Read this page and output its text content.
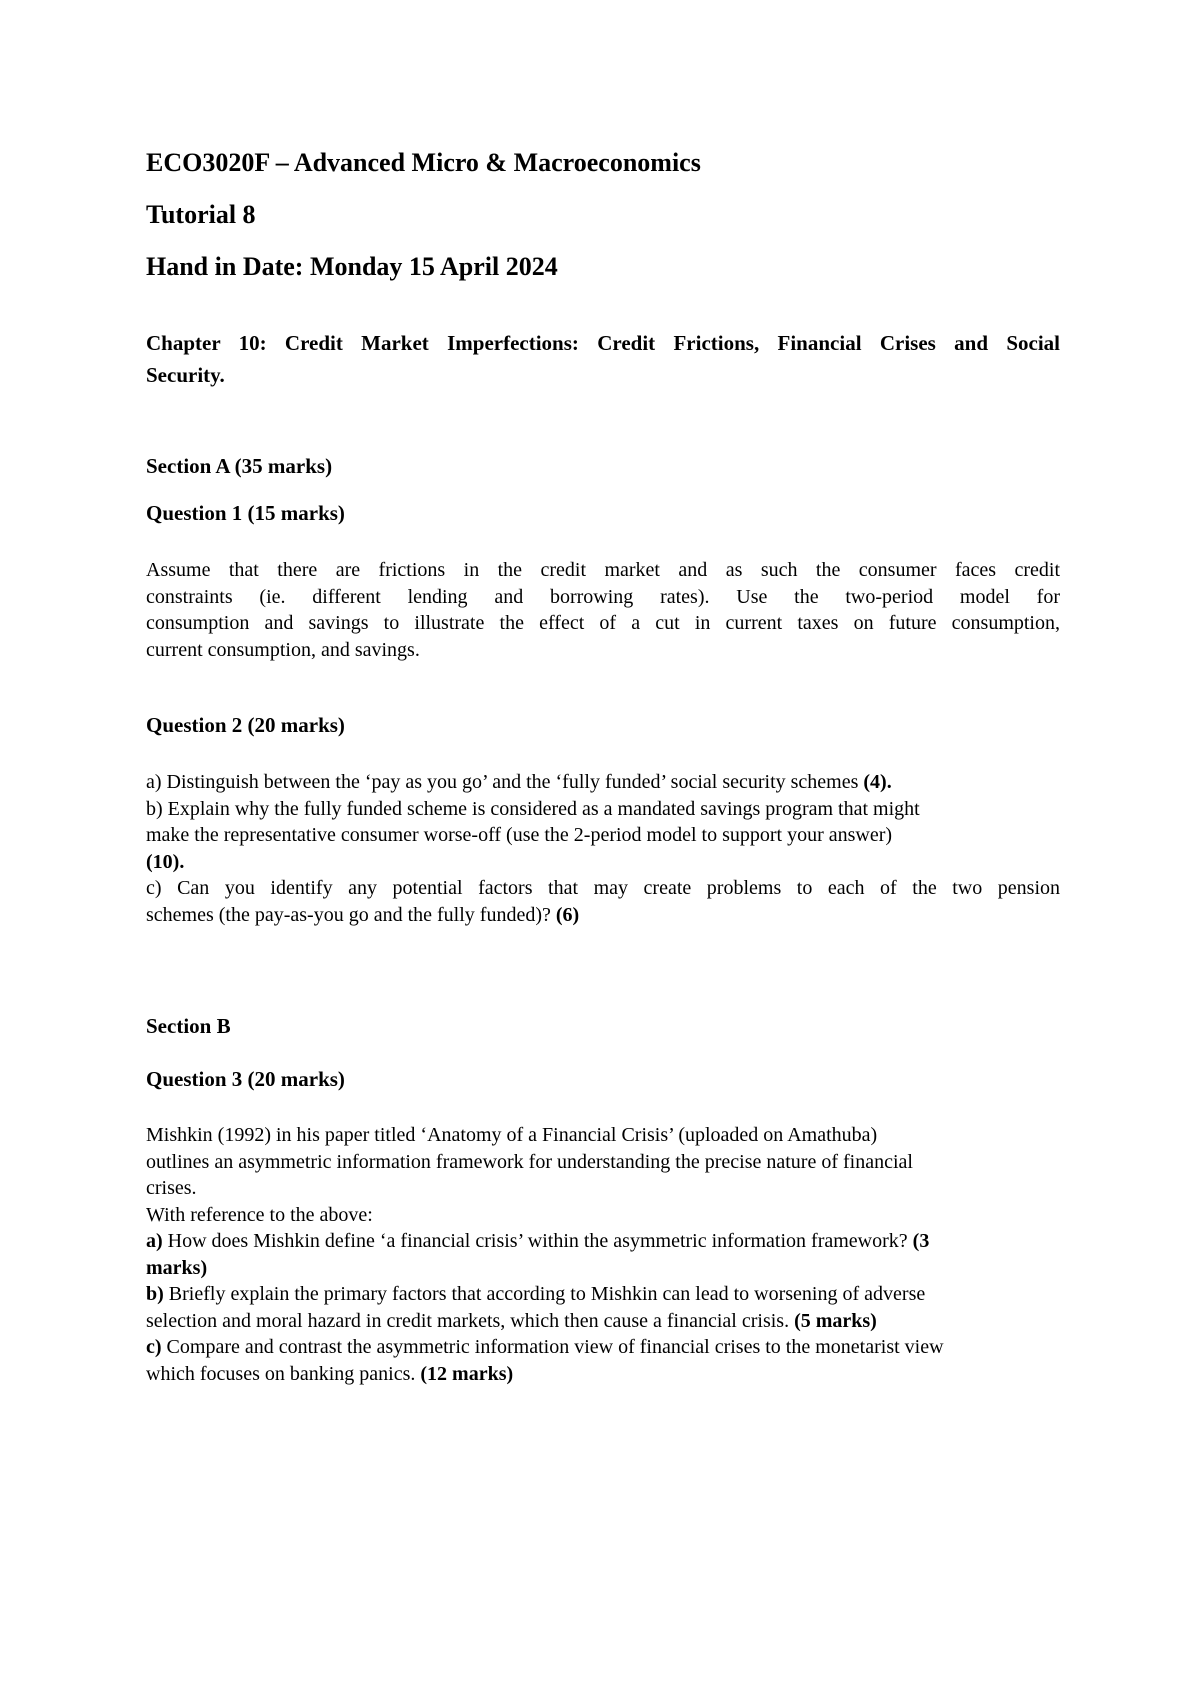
ECO3020F – Advanced Micro & Macroeconomics
Tutorial 8
Hand in Date: Monday 15 April 2024
Chapter 10: Credit Market Imperfections: Credit Frictions, Financial Crises and Social
Security.
Section A (35 marks)
Question 1 (15 marks)
Assume that there are frictions in the credit market and as such the consumer faces credit
constraints (ie. different lending and borrowing rates). Use the two-period model for
consumption and savings to illustrate the effect of a cut in current taxes on future consumption,
current consumption, and savings.
Question 2 (20 marks)
a) Distinguish between the ‘pay as you go’ and the ‘fully funded’ social security schemes (4).
b) Explain why the fully funded scheme is considered as a mandated savings program that might
make the representative consumer worse-off (use the 2-period model to support your answer)
(10).
c) Can you identify any potential factors that may create problems to each of the two pension
schemes (the pay-as-you go and the fully funded)? (6)
Section B
Question 3 (20 marks)
Mishkin (1992) in his paper titled ‘Anatomy of a Financial Crisis’ (uploaded on Amathuba)
outlines an asymmetric information framework for understanding the precise nature of financial
crises.
With reference to the above:
a) How does Mishkin define ‘a financial crisis’ within the asymmetric information framework? (3
marks)
b) Briefly explain the primary factors that according to Mishkin can lead to worsening of adverse
selection and moral hazard in credit markets, which then cause a financial crisis. (5 marks)
c) Compare and contrast the asymmetric information view of financial crises to the monetarist view
which focuses on banking panics. (12 marks)
